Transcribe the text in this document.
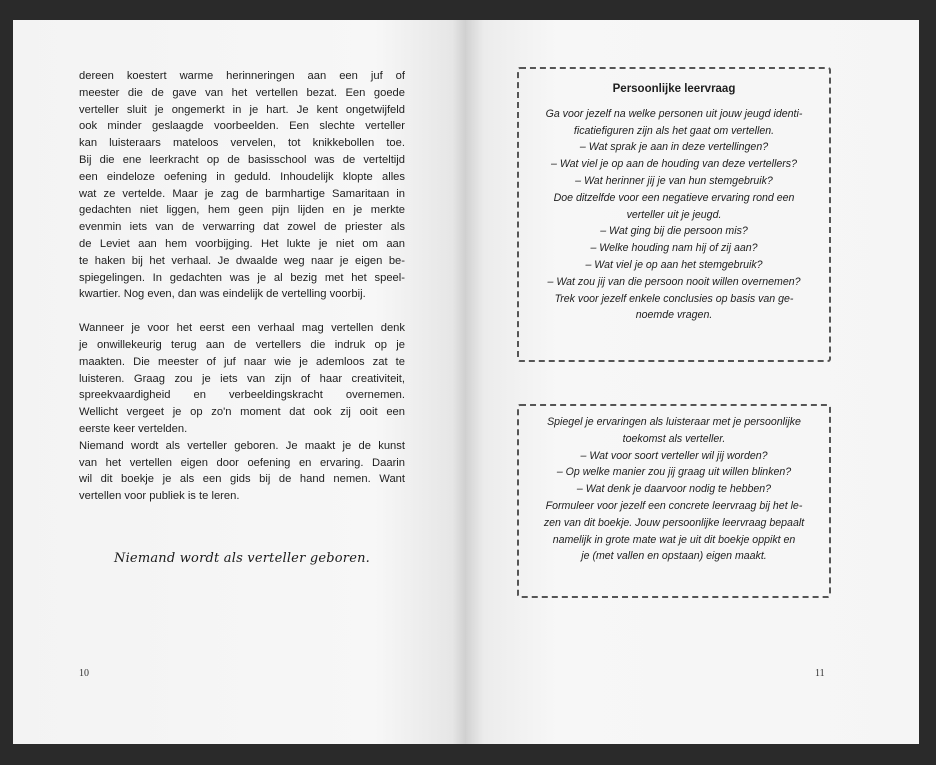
dereen koestert warme herinneringen aan een juf of
meester die de gave van het vertellen bezat. Een goede
verteller sluit je ongemerkt in je hart. Je kent ongetwijfeld
ook minder geslaagde voorbeelden. Een slechte verteller
kan luisteraars mateloos vervelen, tot knikkebollen toe.
Bij die ene leerkracht op de basisschool was de verteltijd
een eindeloze oefening in geduld. Inhoudelijk klopte alles
wat ze vertelde. Maar je zag de barmhartige Samaritaan in
gedachten niet liggen, hem geen pijn lijden en je merkte
evenmin iets van de verwarring dat zowel de priester als
de Leviet aan hem voorbijging. Het lukte je niet om aan
te haken bij het verhaal. Je dwaalde weg naar je eigen be-
spiegelingen. In gedachten was je al bezig met het speel-
kwartier. Nog even, dan was eindelijk de vertelling voorbij.
Wanneer je voor het eerst een verhaal mag vertellen denk
je onwillekeurig terug aan de vertellers die indruk op je
maakten. Die meester of juf naar wie je ademloos zat te
luisteren. Graag zou je iets van zijn of haar creativiteit,
spreekvaardigheid en verbeeldingskracht overnemen.
Wellicht vergeet je op zo'n moment dat ook zij ooit een
eerste keer vertelden.
Niemand wordt als verteller geboren. Je maakt je de kunst
van het vertellen eigen door oefening en ervaring. Daarin
wil dit boekje je als een gids bij de hand nemen. Want
vertellen voor publiek is te leren.
Niemand wordt als verteller geboren.
10	11
Persoonlijke leervraag
Ga voor jezelf na welke personen uit jouw jeugd identi-
ficatiefiguren zijn als het gaat om vertellen.
– Wat sprak je aan in deze vertellingen?
– Wat viel je op aan de houding van deze vertellers?
– Wat herinner jij je van hun stemgebruik?
Doe ditzelfde voor een negatieve ervaring rond een
verteller uit je jeugd.
– Wat ging bij die persoon mis?
– Welke houding nam hij of zij aan?
– Wat viel je op aan het stemgebruik?
– Wat zou jij van die persoon nooit willen overnemen?
Trek voor jezelf enkele conclusies op basis van ge-
noemde vragen.
Spiegel je ervaringen als luisteraar met je persoonlijke
toekomst als verteller.
– Wat voor soort verteller wil jij worden?
– Op welke manier zou jij graag uit willen blinken?
– Wat denk je daarvoor nodig te hebben?
Formuleer voor jezelf een concrete leervraag bij het le-
zen van dit boekje. Jouw persoonlijke leervraag bepaalt
namelijk in grote mate wat je uit dit boekje oppikt en
je (met vallen en opstaan) eigen maakt.
